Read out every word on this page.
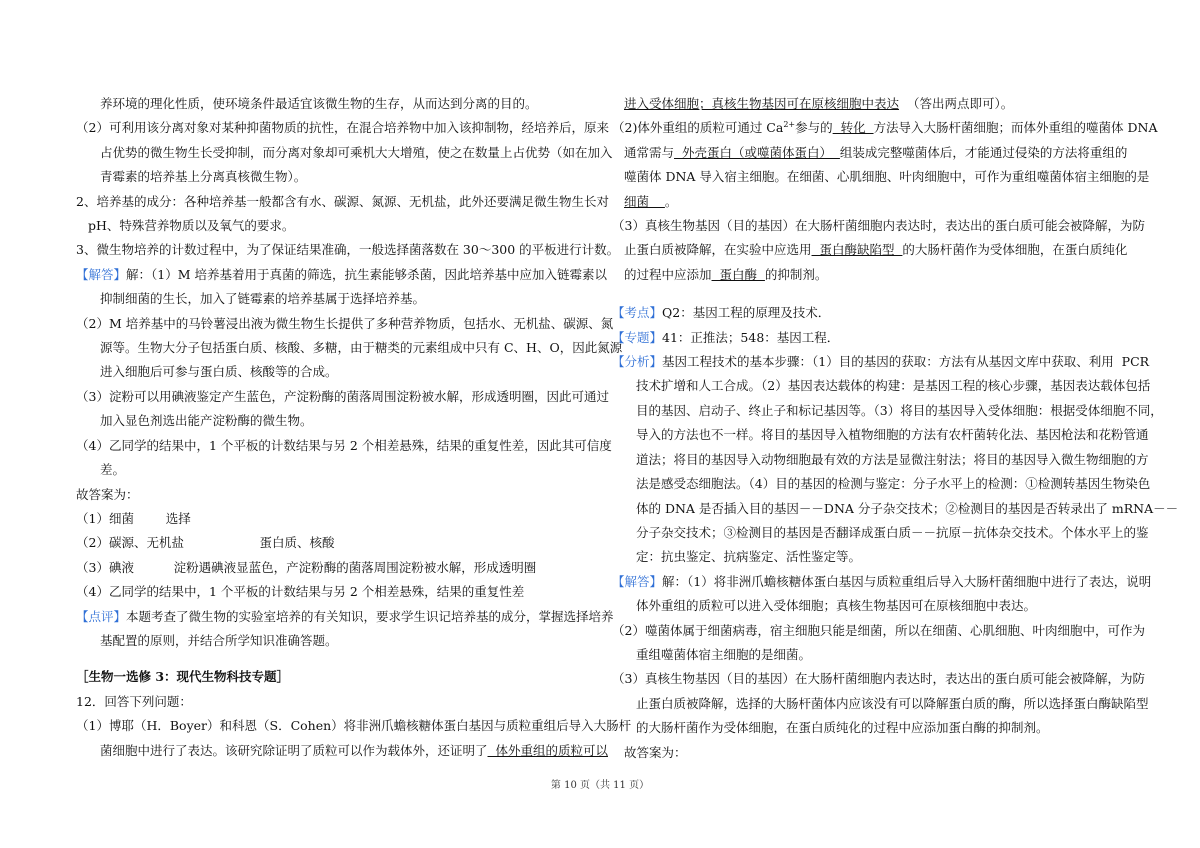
养环境的理化性质，使环境条件最适宜该微生物的生存，从而达到分离的目的。
（2）可利用该分离对象对某种抑菌物质的抗性，在混合培养物中加入该抑制物，经培养后，原来
占优势的微生物生长受抑制，而分离对象却可乘机大大增殖，使之在数量上占优势（如在加入
青霉素的培养基上分离真核微生物）。
2、培养基的成分：各种培养基一般都含有水、碳源、氮源、无机盐，此外还要满足微生物生长对
pH、特殊营养物质以及氧气的要求。
3、微生物培养的计数过程中，为了保证结果准确，一般选择菌落数在 30～300 的平板进行计数。
【解答】解：（1）M 培养基着用于真菌的筛选，抗生素能够杀菌，因此培养基中应加入链霉素以
抑制细菌的生长，加入了链霉素的培养基属于选择培养基。
（2）M 培养基中的马铃薯浸出液为微生物生长提供了多种营养物质，包括水、无机盐、碳源、氮
源等。生物大分子包括蛋白质、核酸、多糖，由于糖类的元素组成中只有 C、H、O，因此氮源
进入细胞后可参与蛋白质、核酸等的合成。
（3）淀粉可以用碘液鉴定产生蓝色，产淀粉酶的菌落周围淀粉被水解，形成透明圈，因此可通过
加入显色剂选出能产淀粉酶的微生物。
（4）乙同学的结果中，1 个平板的计数结果与另 2 个相差悬殊，结果的重复性差，因此其可信度
差。
故答案为：
（1）细菌        选择
（2）碳源、无机盐                   蛋白质、核酸
（3）碘液          淀粉遇碘液显蓝色，产淀粉酶的菌落周围淀粉被水解，形成透明圈
（4）乙同学的结果中，1 个平板的计数结果与另 2 个相差悬殊，结果的重复性差
【点评】本题考查了微生物的实验室培养的有关知识，要求学生识记培养基的成分，掌握选择培养
基配置的原则，并结合所学知识准确答题。
［生物一选修 3：现代生物科技专题］
12．回答下列问题：
（1）博耶（H．Boyer）和科恩（S．Cohen）将非洲爪蟾核糖体蛋白基因与质粒重组后导入大肠杆
菌细胞中进行了表达。该研究除证明了质粒可以作为载体外，还证明了  体外重组的质粒可以
进入受体细胞；真核生物基因可在原核细胞中表达  （答出两点即可）。
（2)体外重组的质粒可通过 $Ca^{2+}$参与的  转化  方法导入大肠杆菌细胞；而体外重组的噬菌体 DNA
通常需与  外壳蛋白（或噬菌体蛋白）  组装成完整噬菌体后，才能通过侵染的方法将重组的
噬菌体 DNA 导入宿主细胞。在细菌、心肌细胞、叶肉细胞中，可作为重组噬菌体宿主细胞的是
细菌    。
（3）真核生物基因（目的基因）在大肠杆菌细胞内表达时，表达出的蛋白质可能会被降解，为防
止蛋白质被降解，在实验中应选用  蛋白酶缺陷型  的大肠杆菌作为受体细胞，在蛋白质纯化
的过程中应添加  蛋白酶  的抑制剂。
【考点】Q2：基因工程的原理及技术．
【专题】41：正推法；548：基因工程．
【分析】基因工程技术的基本步骤：（1）目的基因的获取：方法有从基因文库中获取、利用  PCR
技术扩增和人工合成。（2）基因表达载体的构建：是基因工程的核心步骤，基因表达载体包括
目的基因、启动子、终止子和标记基因等。（3）将目的基因导入受体细胞：根据受体细胞不同，
导入的方法也不一样。将目的基因导入植物细胞的方法有农杆菌转化法、基因枪法和花粉管通
道法；将目的基因导入动物细胞最有效的方法是显微注射法；将目的基因导入微生物细胞的方
法是感受态细胞法。（4）目的基因的检测与鉴定：分子水平上的检测：①检测转基因生物染色
体的 DNA 是否插入目的基因－－DNA 分子杂交技术；②检测目的基因是否转录出了 mRNA－－
分子杂交技术；③检测目的基因是否翻译成蛋白质－－抗原－抗体杂交技术。个体水平上的鉴
定：抗虫鉴定、抗病鉴定、活性鉴定等。
【解答】解：（1）将非洲爪蟾核糖体蛋白基因与质粒重组后导入大肠杆菌细胞中进行了表达，说明
体外重组的质粒可以进入受体细胞；真核生物基因可在原核细胞中表达。
（2）噬菌体属于细菌病毒，宿主细胞只能是细菌，所以在细菌、心肌细胞、叶肉细胞中，可作为
重组噬菌体宿主细胞的是细菌。
（3）真核生物基因（目的基因）在大肠杆菌细胞内表达时，表达出的蛋白质可能会被降解，为防
止蛋白质被降解，选择的大肠杆菌体内应该没有可以降解蛋白质的酶，所以选择蛋白酶缺陷型
的大肠杆菌作为受体细胞，在蛋白质纯化的过程中应添加蛋白酶的抑制剂。
故答案为：
第 10 页（共 11 页）
